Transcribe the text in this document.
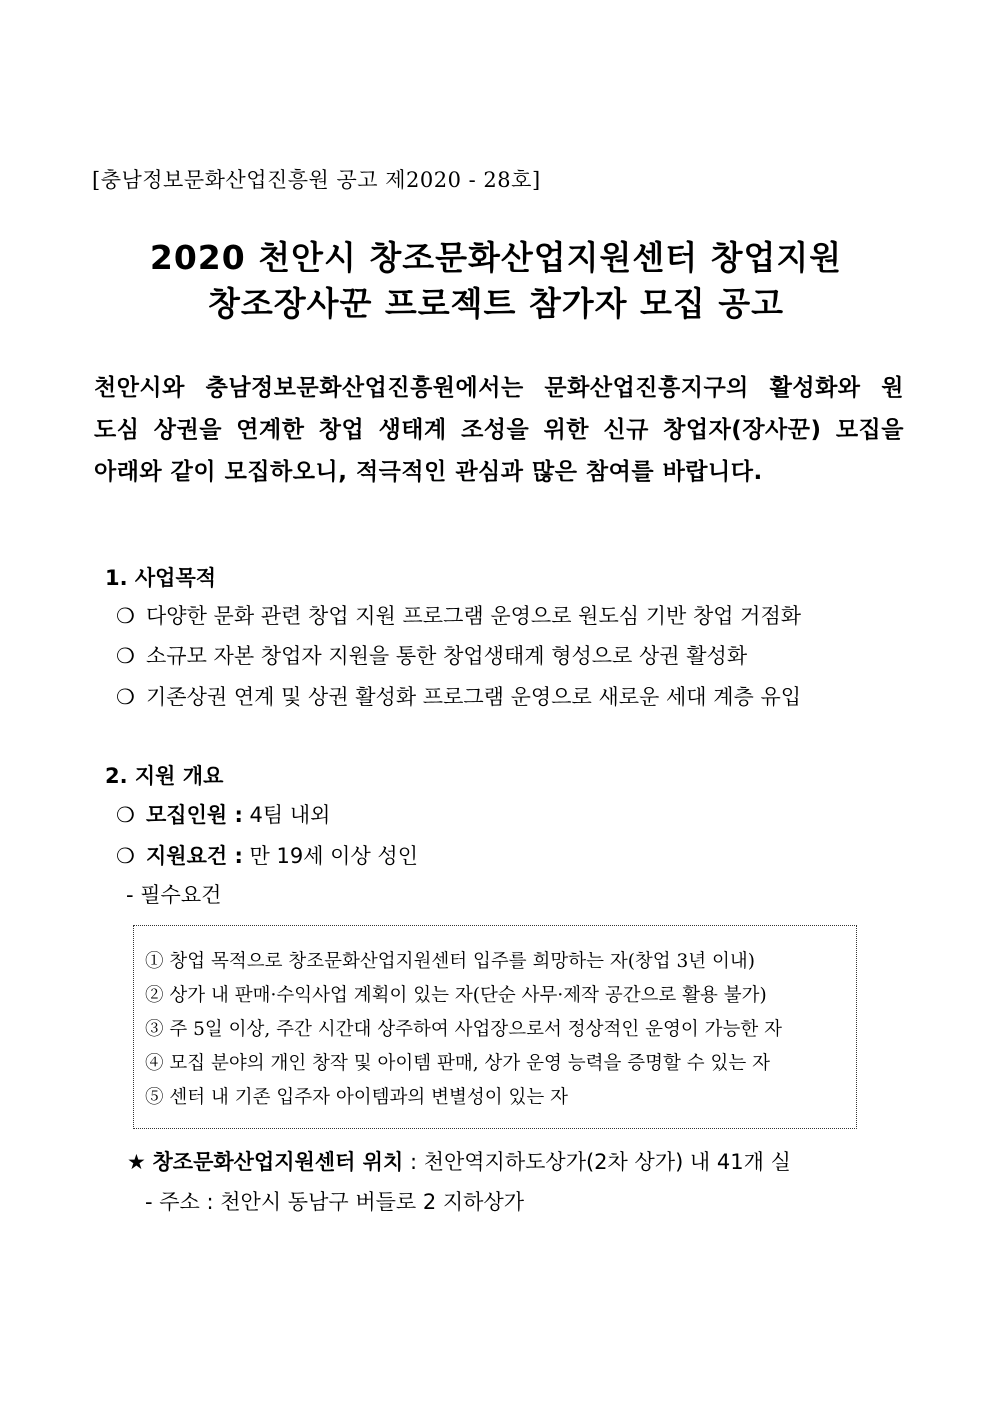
[충남정보문화산업진흥원 공고 제2020 - 28호]
2020 천안시 창조문화산업지원센터 창업지원
창조장사꾼 프로젝트 참가자 모집 공고
천안시와 충남정보문화산업진흥원에서는 문화산업진흥지구의 활성화와 원
도심 상권을 연계한 창업 생태계 조성을 위한 신규 창업자(장사꾼) 모집을
아래와 같이 모집하오니, 적극적인 관심과 많은 참여를 바랍니다.
1. 사업목적
❍ 다양한 문화 관련 창업 지원 프로그램 운영으로 원도심 기반 창업 거점화
❍ 소규모 자본 창업자 지원을 통한 창업생태계 형성으로 상권 활성화
❍ 기존상권 연계 및 상권 활성화 프로그램 운영으로 새로운 세대 계층 유입
2. 지원 개요
❍ 모집인원 : 4팀 내외
❍ 지원요건 : 만 19세 이상 성인
- 필수요건
① 창업 목적으로 창조문화산업지원센터 입주를 희망하는 자(창업 3년 이내)
② 상가 내 판매·수익사업 계획이 있는 자(단순 사무·제작 공간으로 활용 불가)
③ 주 5일 이상, 주간 시간대 상주하여 사업장으로서 정상적인 운영이 가능한 자
④ 모집 분야의 개인 창작 및 아이템 판매, 상가 운영 능력을 증명할 수 있는 자
⑤ 센터 내 기존 입주자 아이템과의 변별성이 있는 자
★ 창조문화산업지원센터 위치 : 천안역지하도상가(2차 상가) 내 41개 실
- 주소 : 천안시 동남구 버들로 2 지하상가
